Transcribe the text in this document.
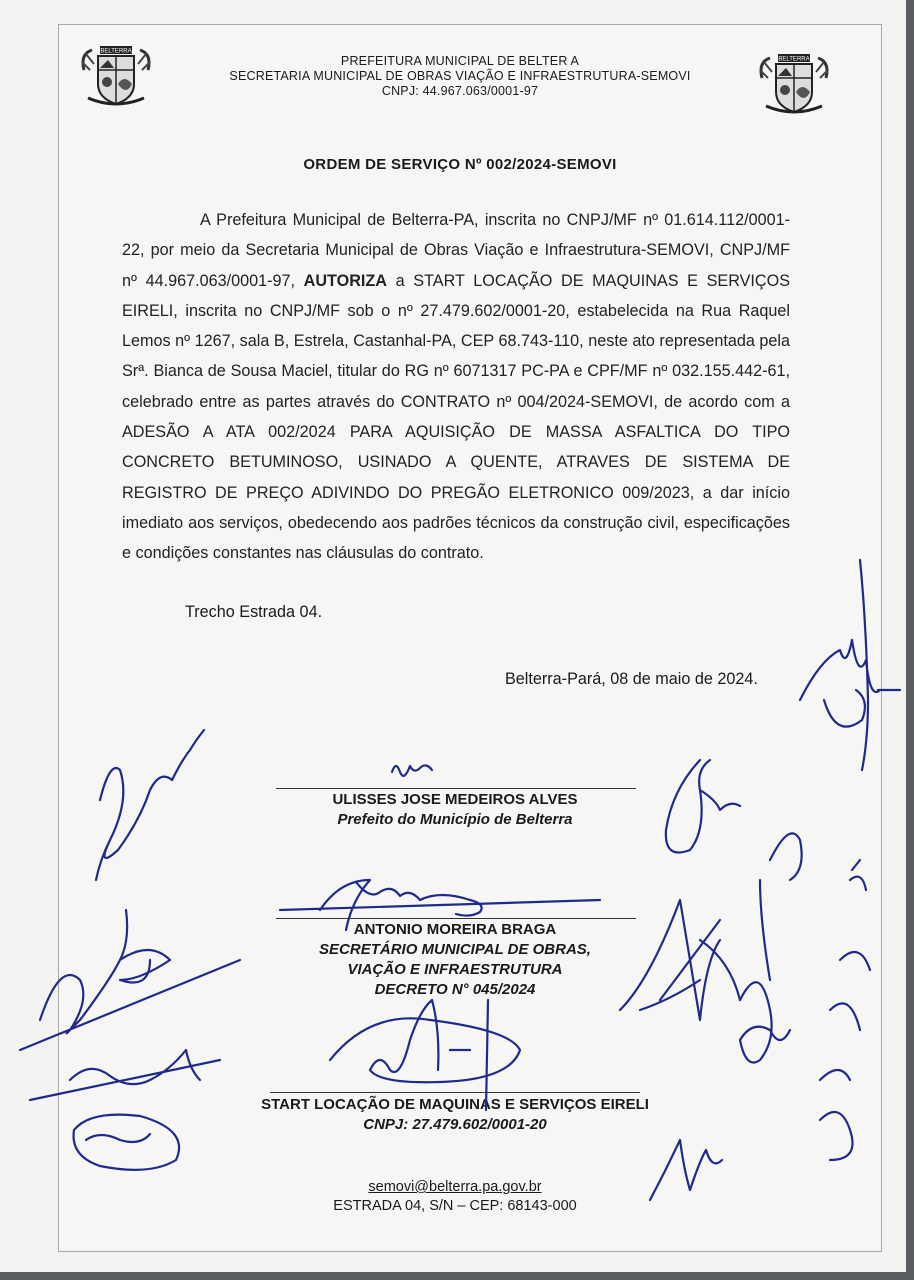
BELTERRA
BELTERRA
PREFEITURA MUNICIPAL DE BELTER A
SECRETARIA MUNICIPAL DE OBRAS VIAÇÃO E INFRAESTRUTURA-SEMOVI
CNPJ: 44.967.063/0001-97
ORDEM DE SERVIÇO Nº 002/2024-SEMOVI

A Prefeitura Municipal de Belterra-PA, inscrita no CNPJ/MF nº 01.614.112/0001-22, por meio da Secretaria Municipal de Obras Viação e Infraestrutura-SEMOVI, CNPJ/MF nº 44.967.063/0001-97, AUTORIZA a START LOCAÇÃO DE MAQUINAS E SERVIÇOS EIRELI, inscrita no CNPJ/MF sob o nº 27.479.602/0001-20, estabelecida na Rua Raquel Lemos nº 1267, sala B, Estrela, Castanhal-PA, CEP 68.743-110, neste ato representada pela Srª. Bianca de Sousa Maciel, titular do RG nº 6071317 PC-PA e CPF/MF nº 032.155.442-61, celebrado entre as partes através do CONTRATO nº 004/2024-SEMOVI, de acordo com a ADESÃO A ATA 002/2024 PARA AQUISIÇÃO DE MASSA ASFALTICA DO TIPO CONCRETO BETUMINOSO, USINADO A QUENTE, ATRAVES DE SISTEMA DE REGISTRO DE PREÇO ADIVINDO DO PREGÃO ELETRONICO 009/2023, a dar início imediato aos serviços, obedecendo aos padrões técnicos da construção civil, especificações e condições constantes nas cláusulas do contrato.

Trecho Estrada 04.
Belterra-Pará, 08 de maio de 2024.
ULISSES JOSE MEDEIROS ALVES
Prefeito do Município de Belterra
ANTONIO MOREIRA BRAGA
SECRETÁRIO MUNICIPAL DE OBRAS,
VIAÇÃO E INFRAESTRUTURA
DECRETO N° 045/2024
START LOCAÇÃO DE MAQUINAS E SERVIÇOS EIRELI
CNPJ: 27.479.602/0001-20
semovi@belterra.pa.gov.br
ESTRADA 04, S/N – CEP: 68143-000
